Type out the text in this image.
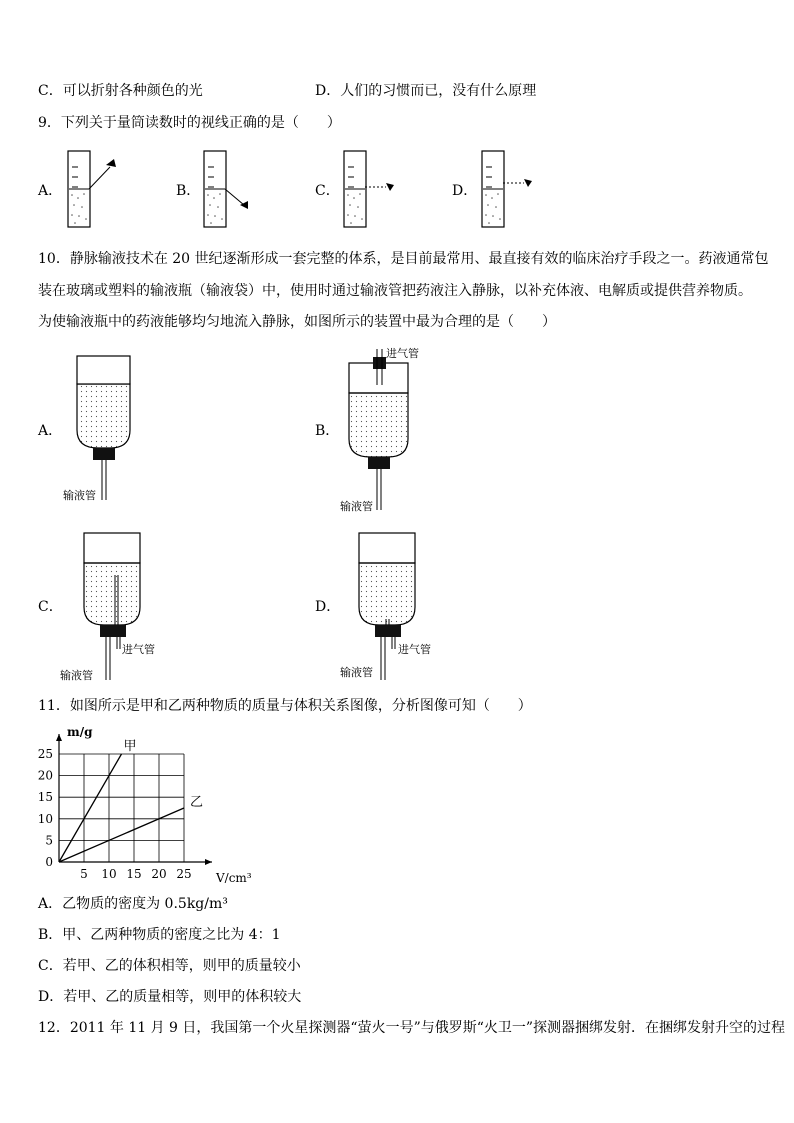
C．可以折射各种颜色的光	D．人们的习惯而已，没有什么原理
9．下列关于量筒读数时的视线正确的是（　　）
A．	B．	C．	D．
10．静脉输液技术在 20 世纪逐渐形成一套完整的体系，是目前最常用、最直接有效的临床治疗手段之一。药液通常包
装在玻璃或塑料的输液瓶（输液袋）中，使用时通过输液管把药液注入静脉，以补充体液、电解质或提供营养物质。
为使输液瓶中的药液能够均匀地流入静脉，如图所示的装置中最为合理的是（　　）
A．	B．
C．	D．
输液管
进气管
输液管
进气管
输液管
进气管
输液管
11．如图所示是甲和乙两种物质的质量与体积关系图像，分析图像可知（　　）
5 10 15 20 25
0
5
10
15
20
25
V/cm³
m/g
甲
乙
A．乙物质的密度为 0.5kg/m³
B．甲、乙两种物质的密度之比为 4：1
C．若甲、乙的体积相等，则甲的质量较小
D．若甲、乙的质量相等，则甲的体积较大
12．2011 年 11 月 9 日，我国第一个火星探测器“萤火一号”与俄罗斯“火卫一”探测器捆绑发射．在捆绑发射升空的过程
